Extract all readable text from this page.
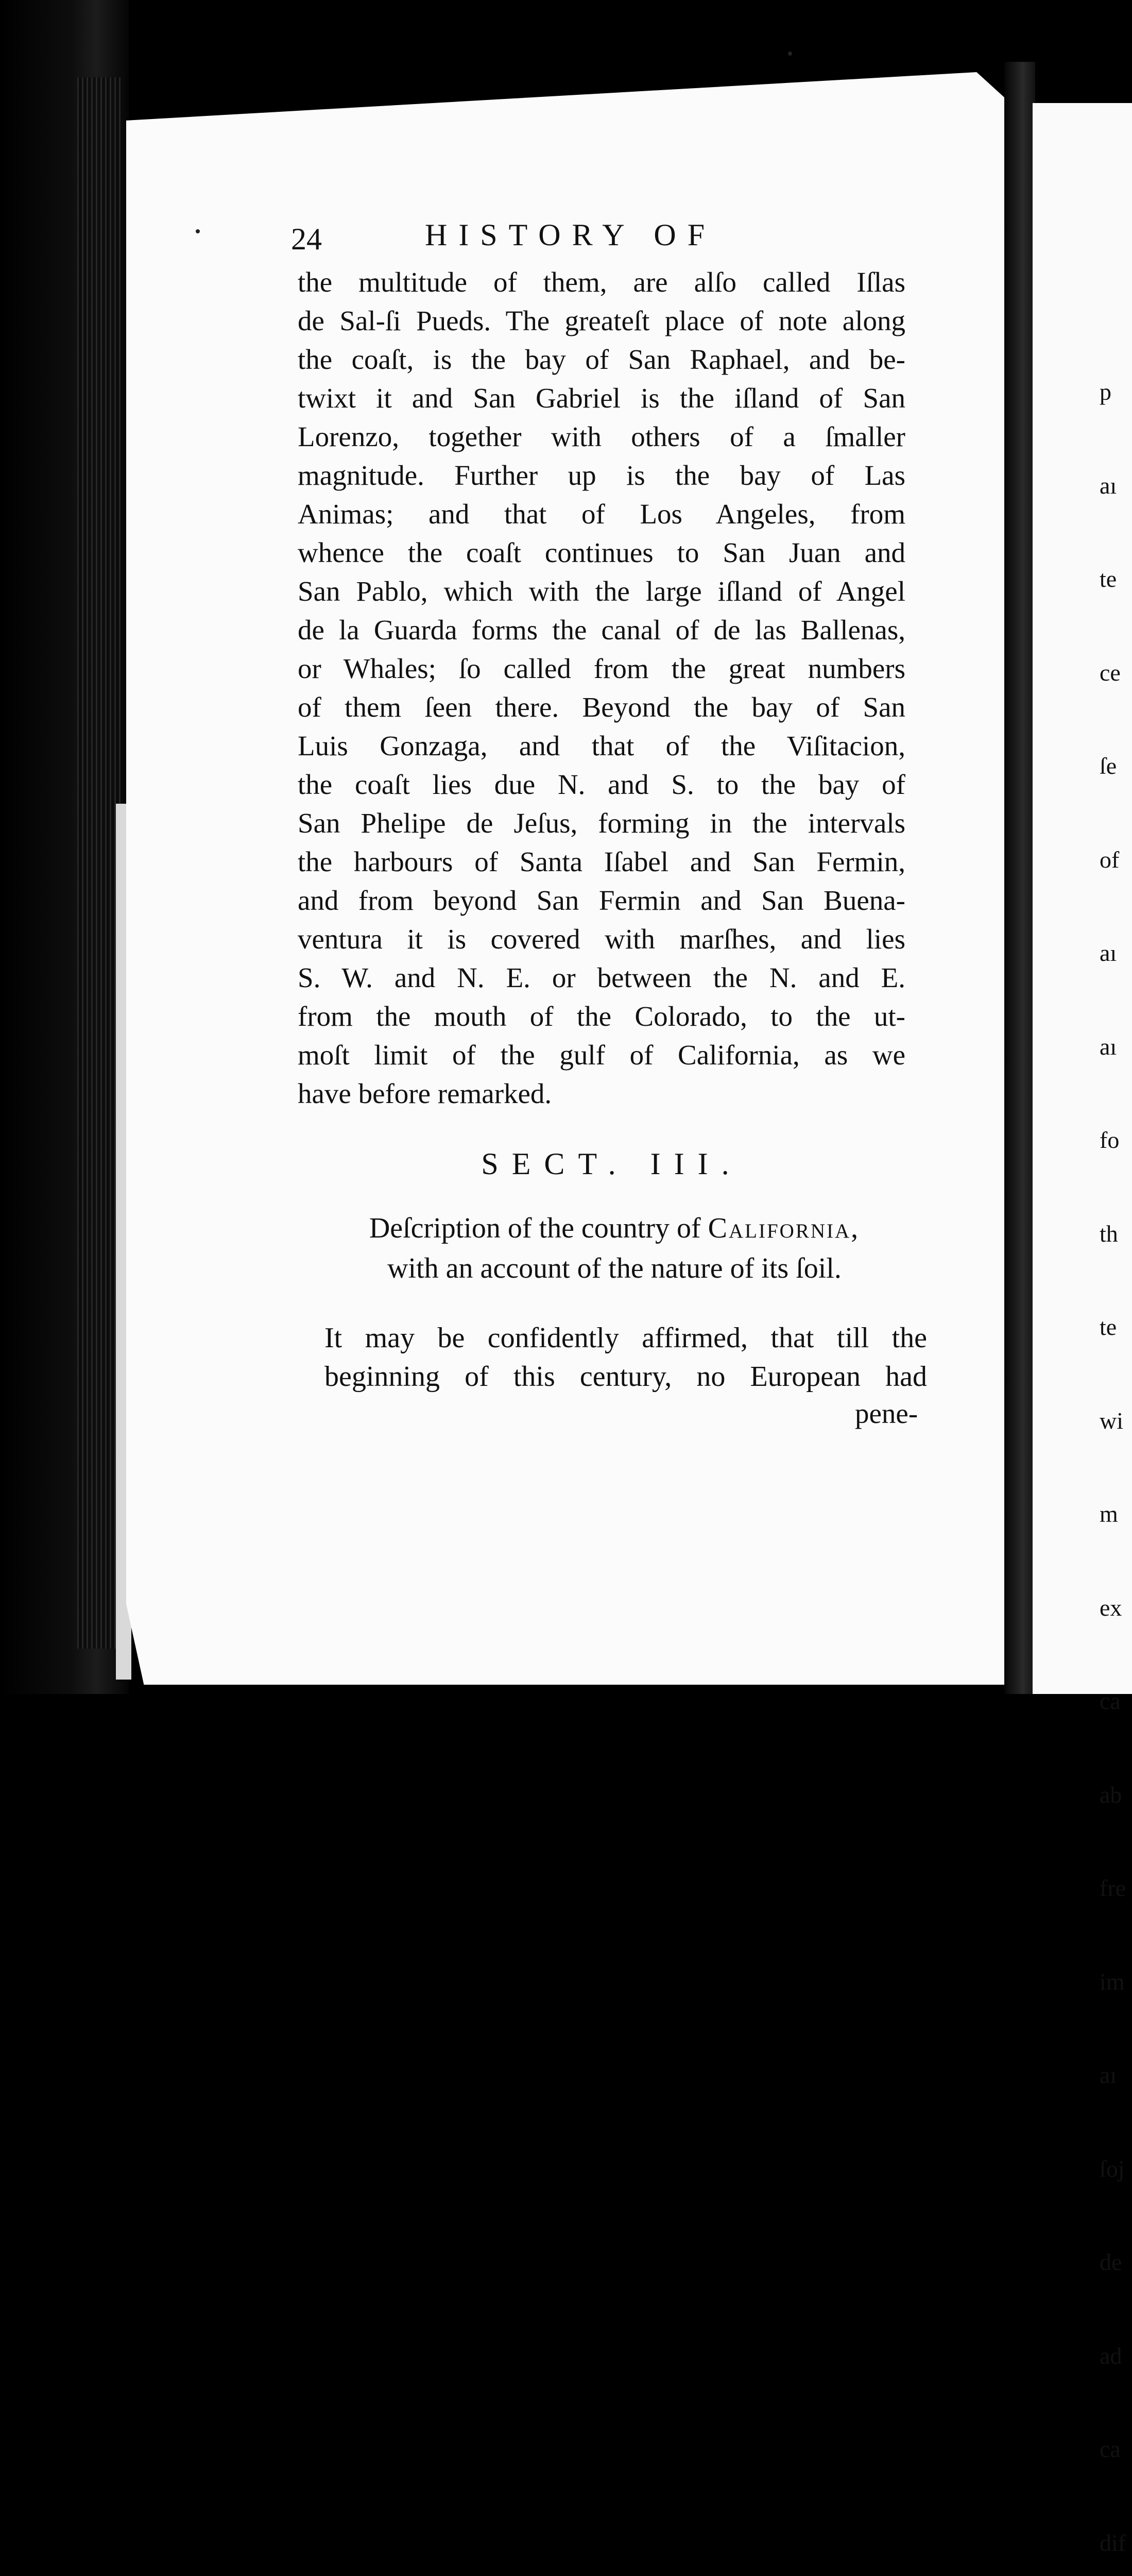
p

aı

te

ce

ſe

of

aı

aı

fo

th

te

wi

m

ex

ca

ab

fre

im

aı

ſoj

de

ad

ca

dif

24	HISTORY OF
the multitude of them, are alſo called Iſlas
de Sal-ſi Pueds. The greateſt place of note along
the coaſt, is the bay of San Raphael, and be-
twixt it and San Gabriel is the iſland of San
Lorenzo, together with others of a ſmaller
magnitude. Further up is the bay of Las
Animas; and that of Los Angeles, from
whence the coaſt continues to San Juan and
San Pablo, which with the large iſland of Angel
de la Guarda forms the canal of de las Ballenas,
or Whales; ſo called from the great numbers
of them ſeen there. Beyond the bay of San
Luis Gonzaga, and that of the Viſitacion,
the coaſt lies due N. and S. to the bay of
San Phelipe de Jeſus, forming in the intervals
the harbours of Santa Iſabel and San Fermin,
and from beyond San Fermin and San Buena-
ventura it is covered with marſhes, and lies
S. W. and N. E. or between the N. and E.
from the mouth of the Colorado, to the ut-
moſt limit of the gulf of California, as we
have before remarked.
SECT. III.
Deſcription of the country of California,
with an account of the nature of its ſoil.
It may be confidently affirmed, that till the
beginning of this century, no European had
pene-
